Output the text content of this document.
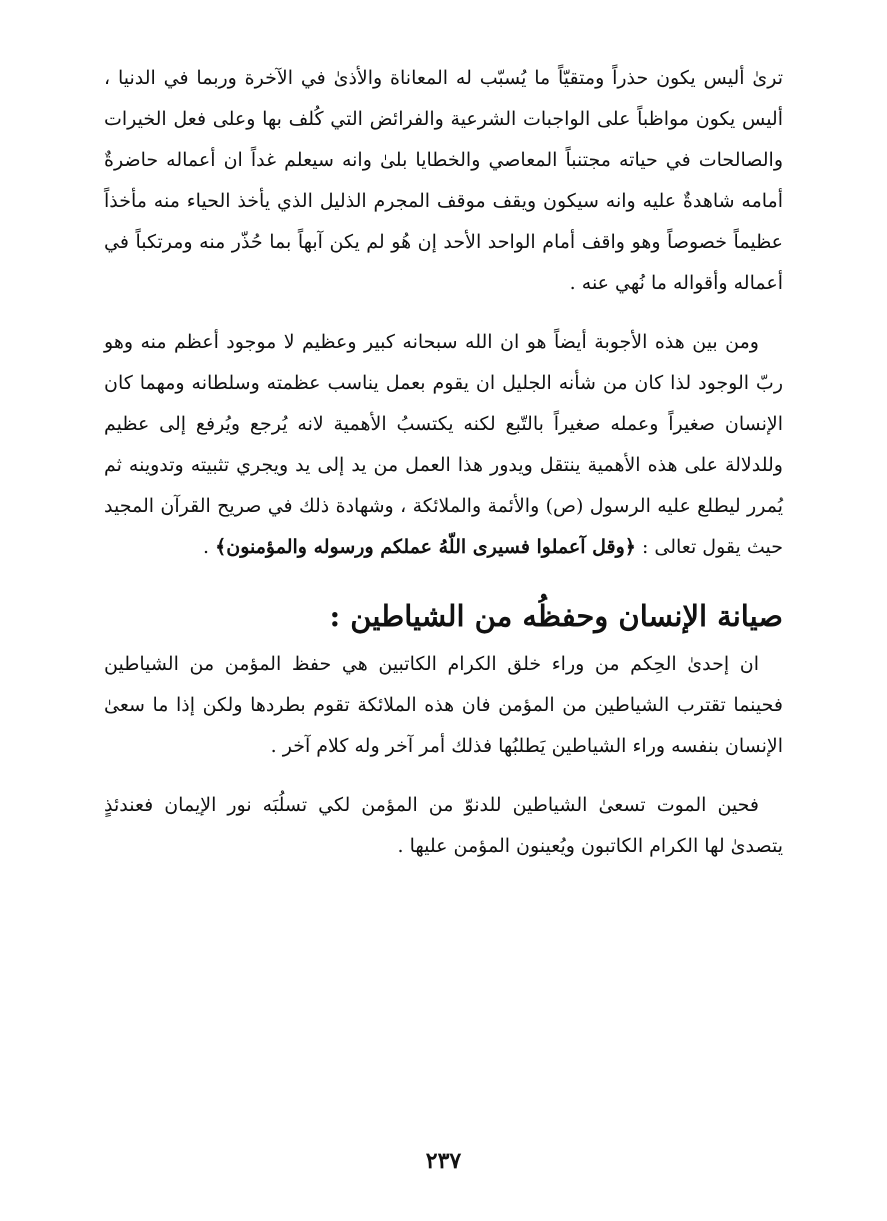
ترىٰ أليس يكون حذراً ومتقيّاً ما يُسبّب له المعاناة والأذىٰ في الآخرة وربما في الدنيا ، أليس يكون مواظباً على الواجبات الشرعية والفرائض التي كُلف بها وعلى فعل الخيرات والصالحات في حياته مجتنباً المعاصي والخطايا بلىٰ وانه سيعلم غداً ان أعماله حاضرةٌ أمامه شاهدةٌ عليه وانه سيكون ويقف موقف المجرم الذليل الذي يأخذ الحياء منه مأخذاً عظيماً خصوصاً وهو واقف أمام الواحد الأحد إن هُو لم يكن آبهاً بما حُذّر منه ومرتكباً في أعماله وأقواله ما نُهي عنه .

ومن بين هذه الأجوبة أيضاً هو ان الله سبحانه كبير وعظيم لا موجود أعظم منه وهو ربّ الوجود لذا كان من شأنه الجليل ان يقوم بعمل يناسب عظمته وسلطانه ومهما كان الإنسان صغيراً وعمله صغيراً بالتّبع لكنه يكتسبُ الأهمية لانه يُرجع ويُرفع إلى عظيم وللدلالة على هذه الأهمية ينتقل ويدور هذا العمل من يد إلى يد ويجري تثبيته وتدوينه ثم يُمرر ليطلع عليه الرسول (ص) والأئمة والملائكة ، وشهادة ذلك في صريح القرآن المجيد حيث يقول تعالى : ﴿وقل آعملوا فسيرى اللّهُ عملكم ورسوله والمؤمنون﴾ .

صيانة الإنسان وحفظُه من الشياطين :

ان إحدىٰ الحِكم من وراء خلق الكرام الكاتبين هي حفظ المؤمن من الشياطين فحينما تقترب الشياطين من المؤمن فان هذه الملائكة تقوم بطردها ولكن إذا ما سعىٰ الإنسان بنفسه وراء الشياطين يَطلبُها فذلك أمر آخر وله كلام آخر .

فحين الموت تسعىٰ الشياطين للدنوّ من المؤمن لكي تسلُبَه نور الإيمان فعندئذٍ يتصدىٰ لها الكرام الكاتبون ويُعينون المؤمن عليها .

٢٣٧
